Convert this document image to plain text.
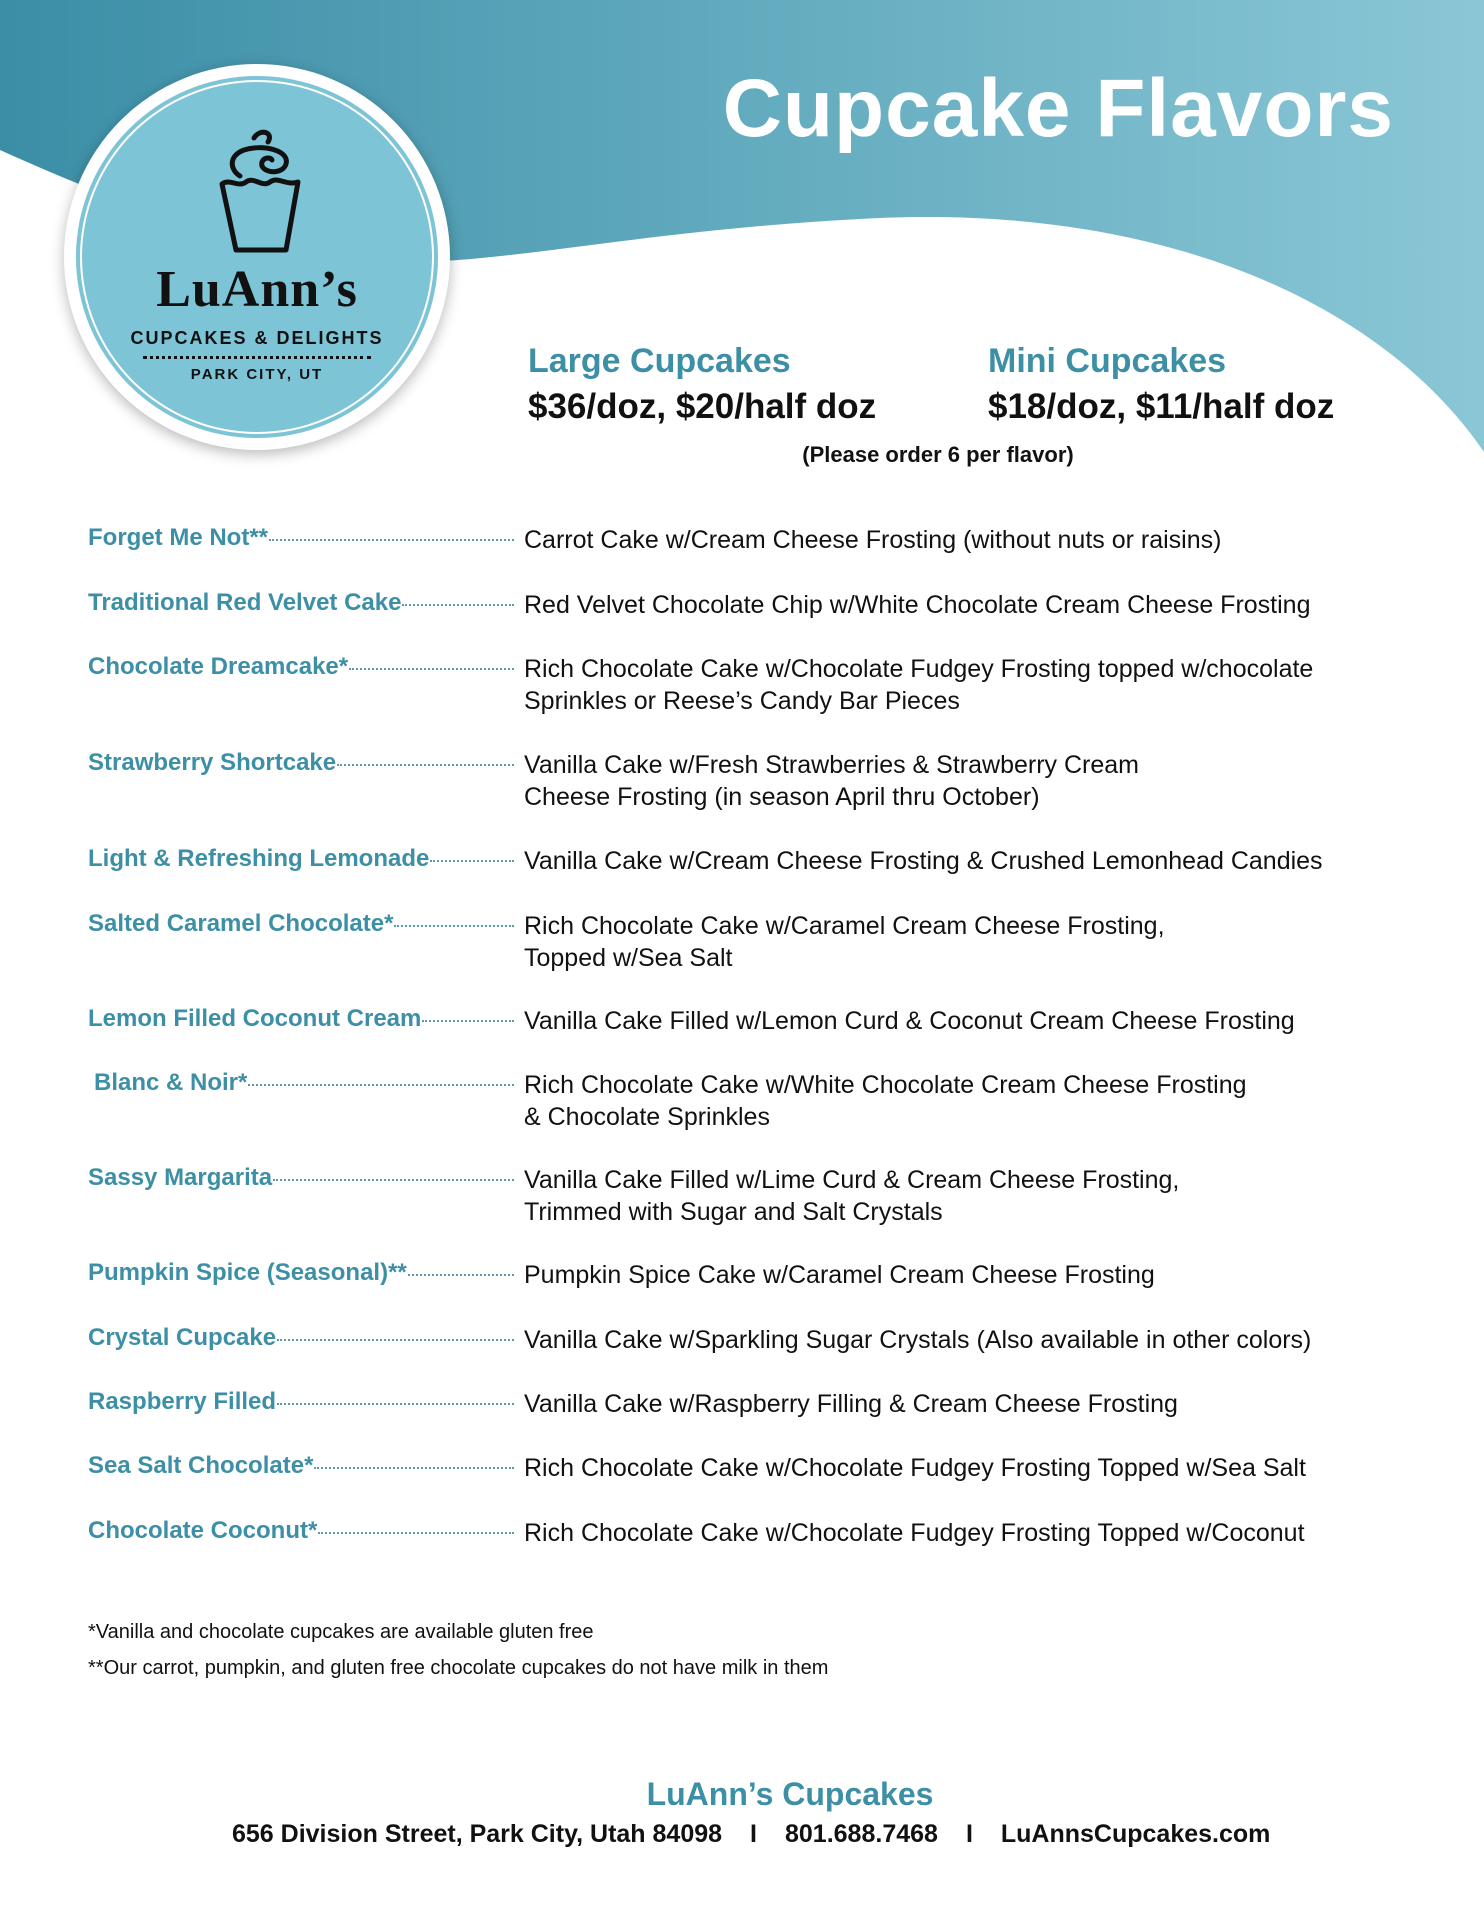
Cupcake Flavors
LuAnn’s
CUPCAKES & DELIGHTS
PARK CITY, UT	Large Cupcakes
$36/doz, $20/half doz
Mini Cupcakes
$18/doz, $11/half doz
(Please order 6 per flavor)
Forget Me Not**	Carrot Cake w/Cream Cheese Frosting (without nuts or raisins)
Traditional Red Velvet Cake	Red Velvet Chocolate Chip w/White Chocolate Cream Cheese Frosting
Chocolate Dreamcake*	Rich Chocolate Cake w/Chocolate Fudgey Frosting topped w/chocolate
Sprinkles or Reese’s Candy Bar Pieces
Strawberry Shortcake	Vanilla Cake w/Fresh Strawberries & Strawberry Cream
Cheese Frosting (in season April thru October)
Light & Refreshing Lemonade	Vanilla Cake w/Cream Cheese Frosting & Crushed Lemonhead Candies
Salted Caramel Chocolate*	Rich Chocolate Cake w/Caramel Cream Cheese Frosting,
Topped w/Sea Salt
Lemon Filled Coconut Cream	Vanilla Cake Filled w/Lemon Curd & Coconut Cream Cheese Frosting
Blanc & Noir*	Rich Chocolate Cake w/White Chocolate Cream Cheese Frosting
& Chocolate Sprinkles
Sassy Margarita	Vanilla Cake Filled w/Lime Curd & Cream Cheese Frosting,
Trimmed with Sugar and Salt Crystals
Pumpkin Spice (Seasonal)**	Pumpkin Spice Cake w/Caramel Cream Cheese Frosting
Crystal Cupcake	Vanilla Cake w/Sparkling Sugar Crystals (Also available in other colors)
Raspberry Filled	Vanilla Cake w/Raspberry Filling & Cream Cheese Frosting
Sea Salt Chocolate*	Rich Chocolate Cake w/Chocolate Fudgey Frosting Topped w/Sea Salt
Chocolate Coconut*	Rich Chocolate Cake w/Chocolate Fudgey Frosting Topped w/Coconut
*Vanilla and chocolate cupcakes are available gluten free
**Our carrot, pumpkin, and gluten free chocolate cupcakes do not have milk in them
LuAnn’s Cupcakes
656 Division Street, Park City, Utah 84098 I 801.688.7468 I LuAnnsCupcakes.com
